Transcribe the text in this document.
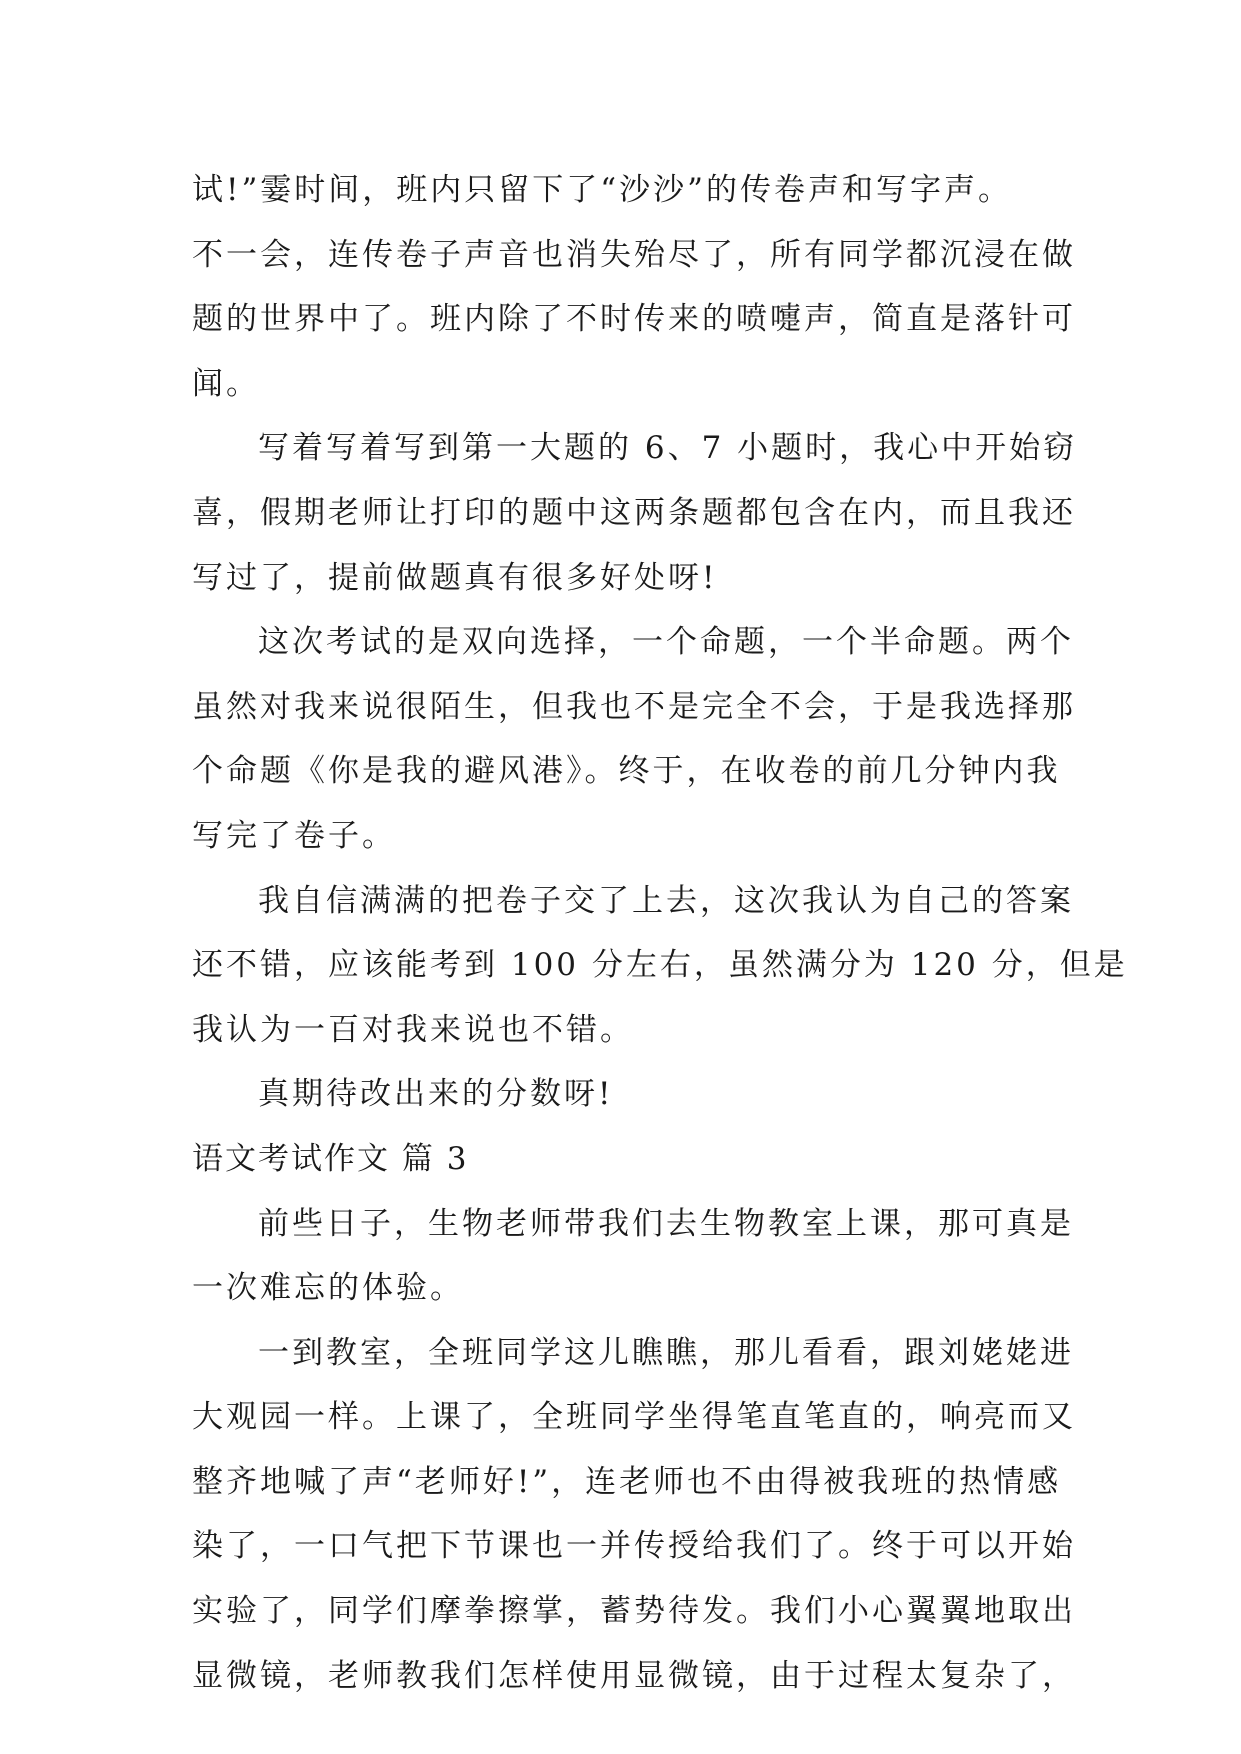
试!”霎时间，班内只留下了“沙沙”的传卷声和写字声。
不一会，连传卷子声音也消失殆尽了，所有同学都沉浸在做
题的世界中了。班内除了不时传来的喷嚏声，简直是落针可
闻。
写着写着写到第一大题的 6、7 小题时，我心中开始窃
喜，假期老师让打印的题中这两条题都包含在内，而且我还
写过了，提前做题真有很多好处呀!
这次考试的是双向选择，一个命题，一个半命题。两个
虽然对我来说很陌生，但我也不是完全不会，于是我选择那
个命题《你是我的避风港》。终于，在收卷的前几分钟内我
写完了卷子。
我自信满满的把卷子交了上去，这次我认为自己的答案
还不错，应该能考到 100 分左右，虽然满分为 120 分，但是
我认为一百对我来说也不错。
真期待改出来的分数呀!
语文考试作文 篇 3
前些日子，生物老师带我们去生物教室上课，那可真是
一次难忘的体验。
一到教室，全班同学这儿瞧瞧，那儿看看，跟刘姥姥进
大观园一样。上课了，全班同学坐得笔直笔直的，响亮而又
整齐地喊了声“老师好!”，连老师也不由得被我班的热情感
染了，一口气把下节课也一并传授给我们了。终于可以开始
实验了，同学们摩拳擦掌，蓄势待发。我们小心翼翼地取出
显微镜，老师教我们怎样使用显微镜，由于过程太复杂了，
